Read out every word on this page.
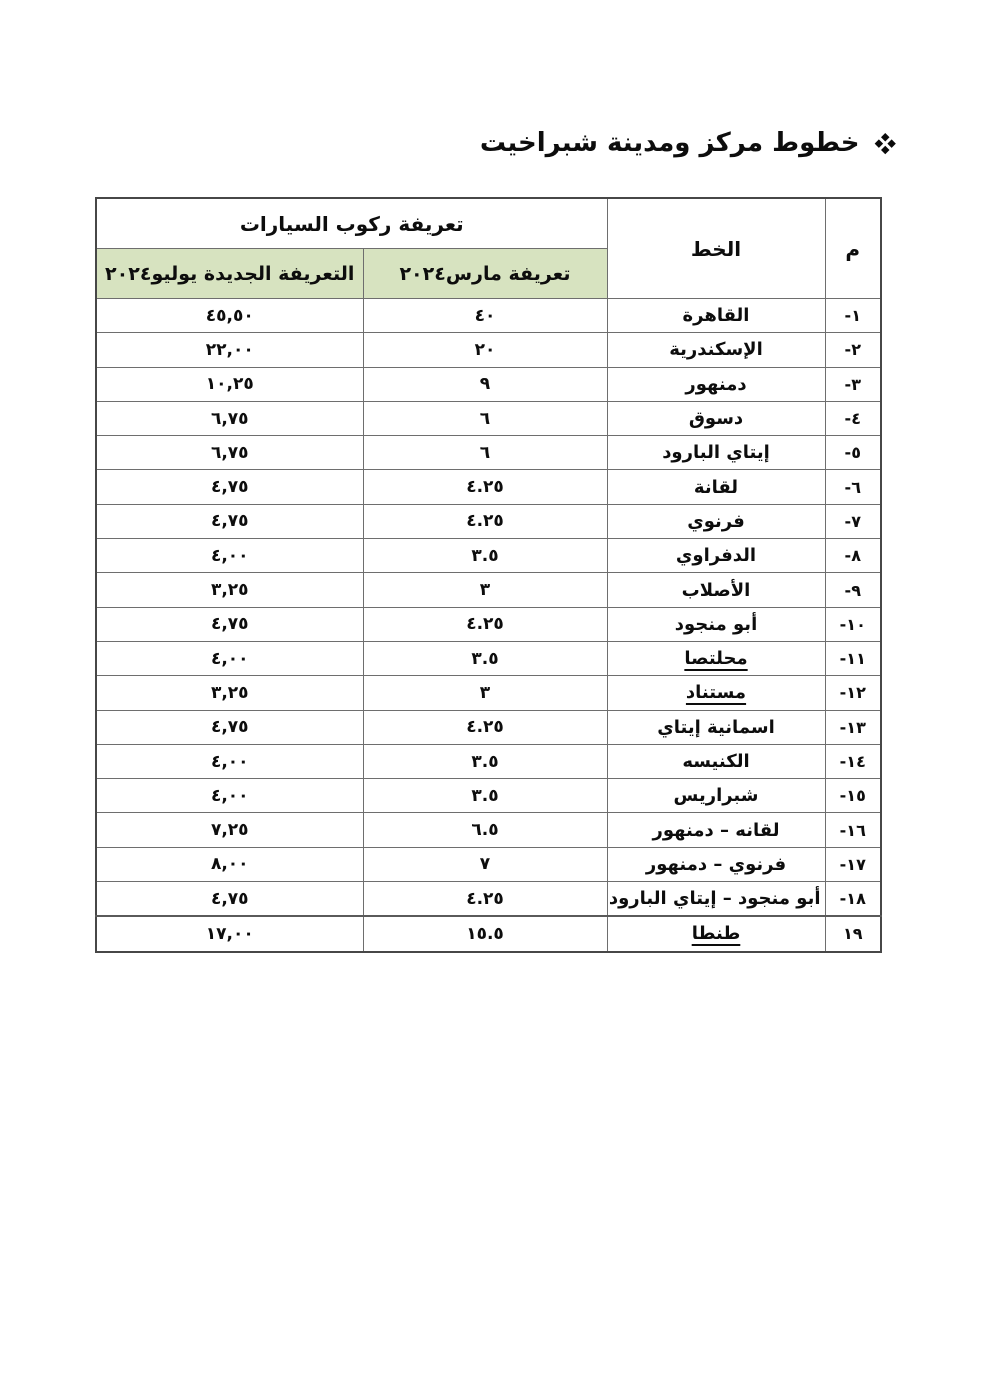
خطوط مركز ومدينة شبراخيت
م	الخط	تعريفة ركوب السيارات	
		تعريفة مارس٢٠٢٤	التعريفة الجديدة يوليو٢٠٢٤
١-	القاهرة	٤٠	٤٥,٥٠
٢-	الإسكندرية	٢٠	٢٢,٠٠
٣-	دمنهور	٩	١٠,٢٥
٤-	دسوق	٦	٦,٧٥
٥-	إيتاي البارود	٦	٦,٧٥
٦-	لقانة	٤.٢٥	٤,٧٥
٧-	فرنوي	٤.٢٥	٤,٧٥
٨-	الدفراوي	٣.٥	٤,٠٠
٩-	الأصلاب	٣	٣,٢٥
١٠-	أبو منجود	٤.٢٥	٤,٧٥
١١-	محلتصا	٣.٥	٤,٠٠
١٢-	مستناد	٣	٣,٢٥
١٣-	اسمانية إيتاي	٤.٢٥	٤,٧٥
١٤-	الكنيسه	٣.٥	٤,٠٠
١٥-	شبراريس	٣.٥	٤,٠٠
١٦-	لقانه – دمنهور	٦.٥	٧,٢٥
١٧-	فرنوي – دمنهور	٧	٨,٠٠
١٨-	أبو منجود – إيتاي البارود	٤.٢٥	٤,٧٥
١٩	طنطا	١٥.٥	١٧,٠٠
